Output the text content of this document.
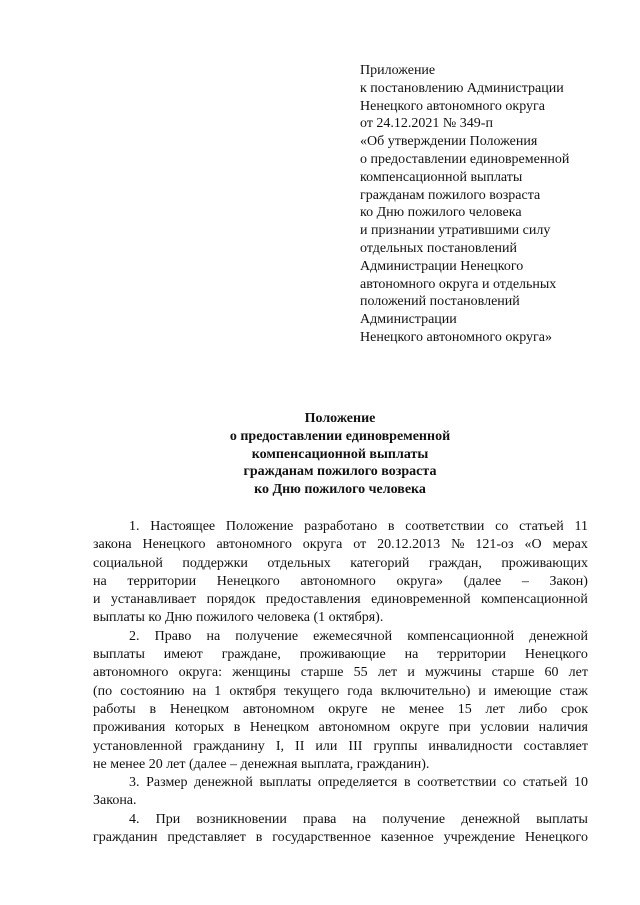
Приложение
к постановлению Администрации
Ненецкого автономного округа
от 24.12.2021 № 349-п
«Об утверждении Положения
о предоставлении единовременной
компенсационной выплаты
гражданам пожилого возраста
ко Дню пожилого человека
и признании утратившими силу
отдельных постановлений
Администрации Ненецкого
автономного округа и отдельных
положений постановлений
Администрации
Ненецкого автономного округа»
Положение
о предоставлении единовременной
компенсационной выплаты
гражданам пожилого возраста
ко Дню пожилого человека
1. Настоящее Положение разработано в соответствии со статьей 11
закона Ненецкого автономного округа от 20.12.2013 № 121-оз «О мерах
социальной поддержки отдельных категорий граждан, проживающих
на территории Ненецкого автономного округа» (далее – Закон)
и устанавливает порядок предоставления единовременной компенсационной
выплаты ко Дню пожилого человека (1 октября).
2. Право на получение ежемесячной компенсационной денежной
выплаты имеют граждане, проживающие на территории Ненецкого
автономного округа: женщины старше 55 лет и мужчины старше 60 лет
(по состоянию на 1 октября текущего года включительно) и имеющие стаж
работы в Ненецком автономном округе не менее 15 лет либо срок
проживания которых в Ненецком автономном округе при условии наличия
установленной гражданину I, II или III группы инвалидности составляет
не менее 20 лет (далее – денежная выплата, гражданин).
3. Размер денежной выплаты определяется в соответствии со статьей 10
Закона.
4. При возникновении права на получение денежной выплаты
гражданин представляет в государственное казенное учреждение Ненецкого
